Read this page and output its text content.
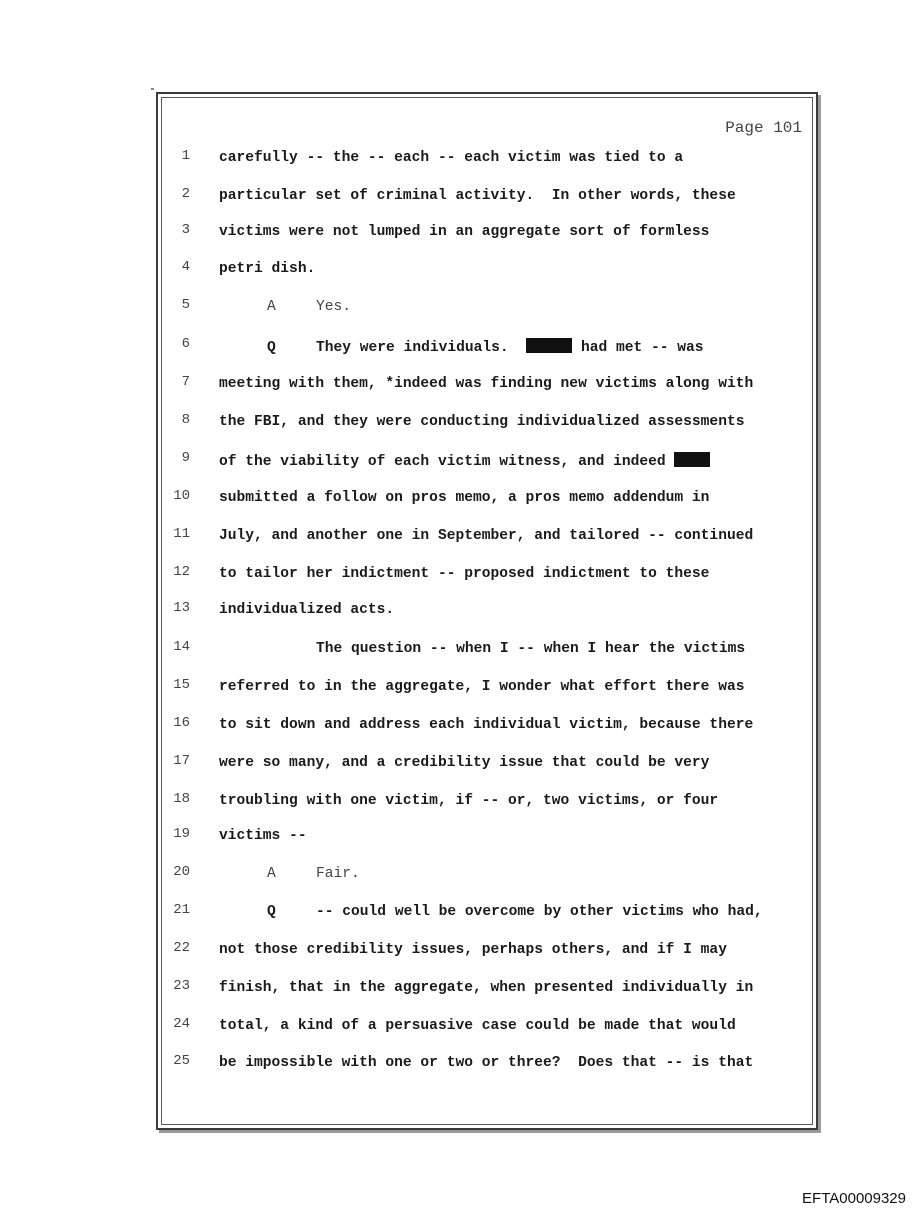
Page 101
1 carefully -- the -- each -- each victim was tied to a
2 particular set of criminal activity.  In other words, these
3 victims were not lumped in an aggregate sort of formless
4 petri dish.
5	A	Yes.
6	Q	They were individuals.	had met -- was
7 meeting with them, *indeed was finding new victims along with
8 the FBI, and they were conducting individualized assessments
9 of the viability of each victim witness, and indeed
10 submitted a follow on pros memo, a pros memo addendum in
11 July, and another one in September, and tailored -- continued
12 to tailor her indictment -- proposed indictment to these
13 individualized acts.
14	The question -- when I -- when I hear the victims
15 referred to in the aggregate, I wonder what effort there was
16 to sit down and address each individual victim, because there
17 were so many, and a credibility issue that could be very
18 troubling with one victim, if -- or, two victims, or four
19 victims --
20	A	Fair.
21	Q	-- could well be overcome by other victims who had,
22 not those credibility issues, perhaps others, and if I may
23 finish, that in the aggregate, when presented individually in
24 total, a kind of a persuasive case could be made that would
25 be impossible with one or two or three?  Does that -- is that
EFTA00009329
